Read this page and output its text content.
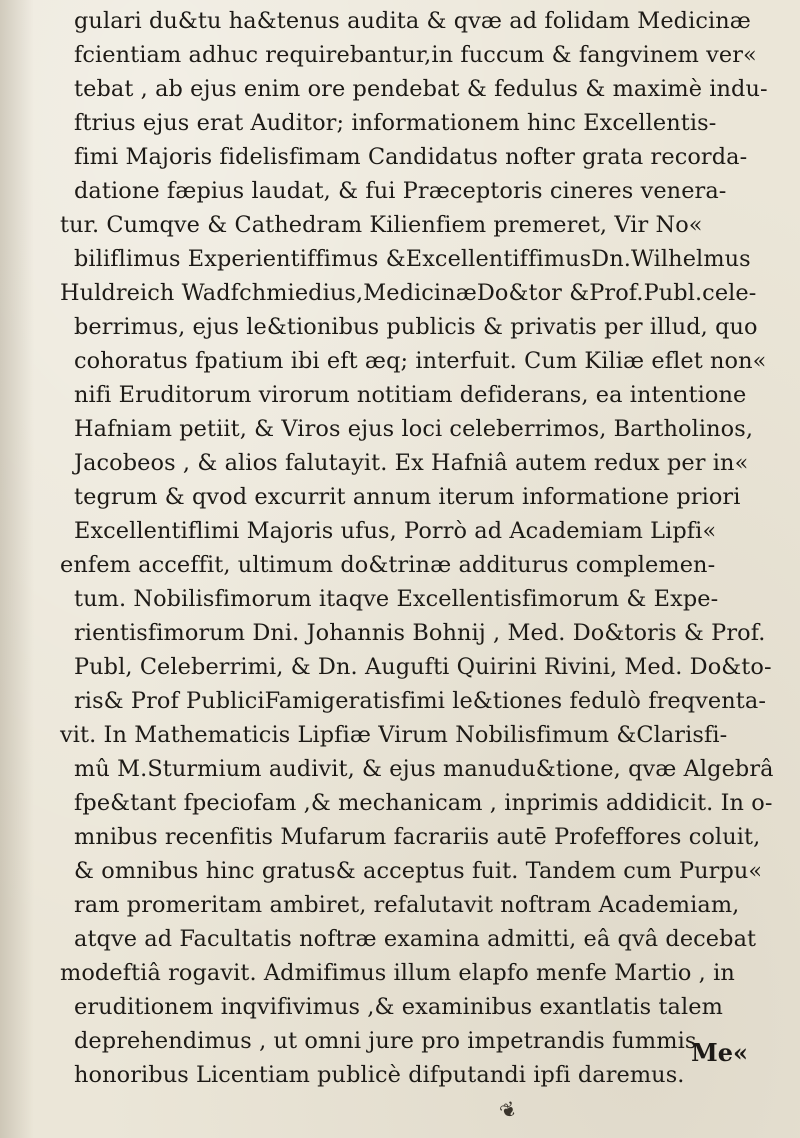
gulari du&tu ha&tenus audita & qvæ ad folidam Medicinæ
fcientiam adhuc requirebantur,in fuccum & fangvinem ver«
tebat , ab ejus enim ore pendebat & fedulus & maximè indu-
ftrius ejus erat Auditor; informationem hinc Excellentis-
fimi Majoris fidelisfimam Candidatus nofter grata recorda-
datione fæpius laudat, & fui Præceptoris cineres venera-
tur. Cumqve & Cathedram Kilienfiem premeret, Vir No«
biliflimus Experientiffimus &ExcellentiffimusDn.Wilhelmus
Huldreich Wadfchmiedius,MedicinæDo&tor &Prof.Publ.cele-
berrimus, ejus le&tionibus publicis & privatis per illud, quo
cohoratus fpatium ibi eft æq; interfuit. Cum Kiliæ eflet non«
nifi Eruditorum virorum notitiam defiderans, ea intentione
Hafniam petiit, & Viros ejus loci celeberrimos, Bartholinos,
Jacobeos , & alios falutayit. Ex Hafniâ autem redux per in«
tegrum & qvod excurrit annum iterum informatione priori
Excellentiflimi Majoris ufus, Porrò ad Academiam Lipfi«
enfem acceffit, ultimum do&trinæ additurus complemen-
tum. Nobilisfimorum itaqve Excellentisfimorum & Expe-
rientisfimorum Dni. Johannis Bohnij , Med. Do&toris & Prof.
Publ, Celeberrimi, & Dn. Augufti Quirini Rivini, Med. Do&to-
ris& Prof PubliciFamigeratisfimi le&tiones fedulò freqventa-
vit. In Mathematicis Lipfiæ Virum Nobilisfimum &Clarisfi-
mû M.Sturmium audivit, & ejus manudu&tione, qvæ Algebrâ
fpe&tant fpeciofam ,& mechanicam , inprimis addidicit. In o-
mnibus recenfitis Mufarum facrariis autē Profeffores coluit,
& omnibus hinc gratus& acceptus fuit. Tandem cum Purpu«
ram promeritam ambiret, refalutavit noftram Academiam,
atqve ad Facultatis noftræ examina admitti, eâ qvâ decebat
modeftiâ rogavit. Admifimus illum elapfo menfe Martio , in
eruditionem inqvifivimus ,& examinibus exantlatis talem
deprehendimus , ut omni jure pro impetrandis fummis
honoribus Licentiam publicè difputandi ipfi daremus.
Me«
❦
